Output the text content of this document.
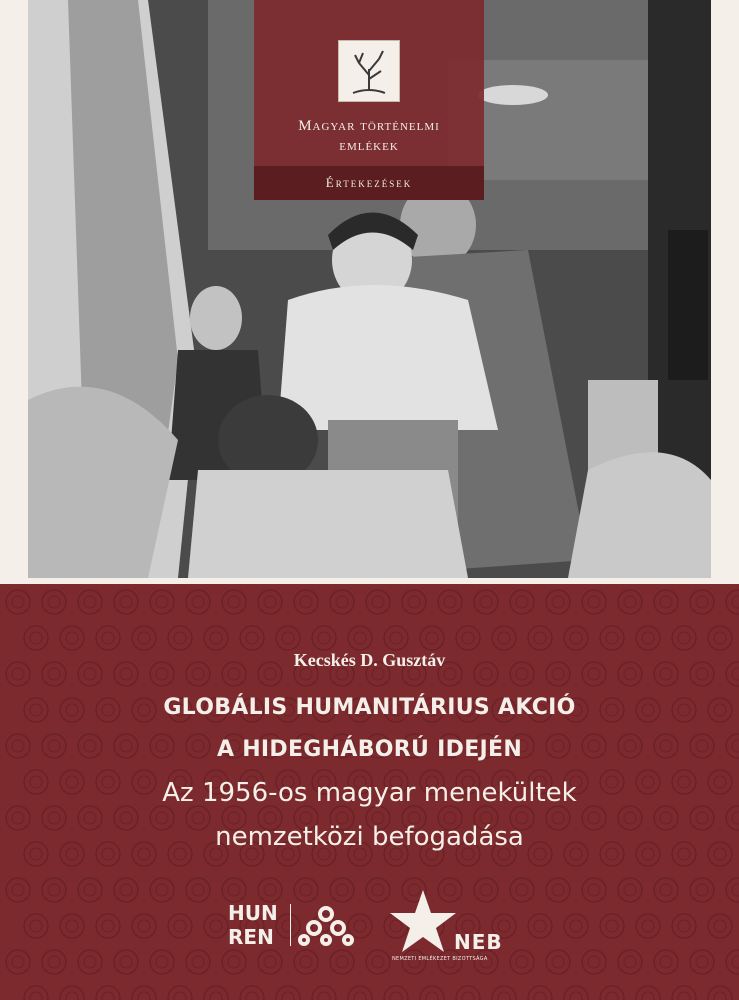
Magyar történelmi
emlékek
Értekezések
Kecskés D. Gusztáv
GLOBÁLIS HUMANITÁRIUS AKCIÓ
A HIDEGHÁBORÚ IDEJÉN
Az 1956-os magyar menekültek
nemzetközi befogadása
HUN
REN	NEB
NEMZETI EMLÉKEZET BIZOTTSÁGA
